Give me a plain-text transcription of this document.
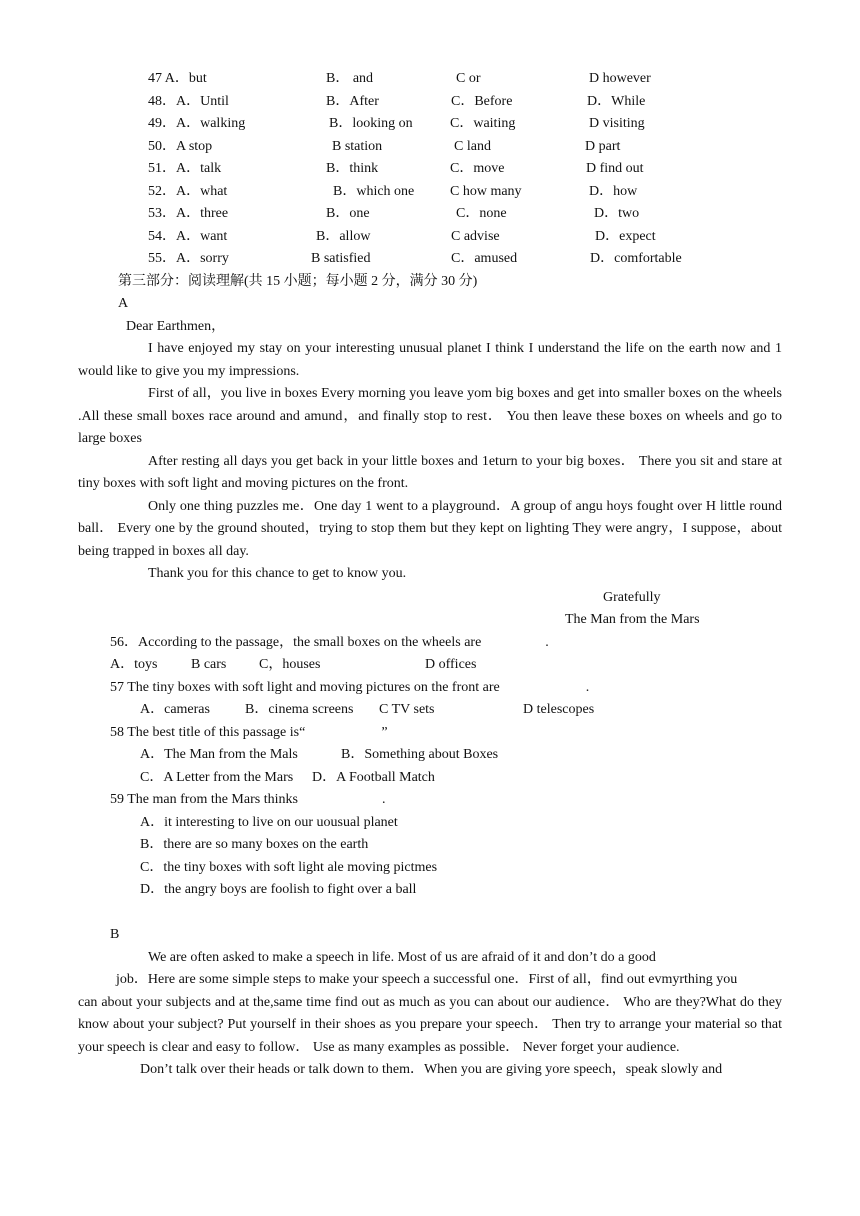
47 A．but	B． and	C or	D however
48．A．Until	B．After	C．Before	D．While
49．A．walking	B．looking on	C．waiting	D visiting
50．A stop	B station	C land	D part
51．A．talk	B．think	C．move	D find out
52．A．what	B．which one	C how many	D．how
53．A．three	B．one	C．none	D．two
54．A．want	B．allow	C advise	D．expect
55．A．sorry	B satisfied	C．amused	D．comfortable
第三部分：阅读理解(共 15 小题；每小题 2 分，满分 30 分)
A
Dear Earthmen，

I have enjoyed my stay on your interesting unusual planet I think I understand the life on the earth now and 1 would like to give you my impressions.

First of all，you live in boxes Every morning you leave yom big boxes and get into smaller boxes on the wheels .All these small boxes race around and amund，and finally stop to rest． You then leave these boxes on wheels and go to large boxes

After resting all days you get back in your little boxes and 1eturn to your big boxes． There you sit and stare at tiny boxes with soft light and moving pictures on the front.

Only one thing puzzles me．One day 1 went to a playground．A group of angu hoys fought over H little round ball． Every one by the ground shouted，trying to stop them but they kept on lighting They were angry，I suppose，about being trapped in boxes all day.

Thank you for this chance to get to know you.

Gratefully
The Man from the Mars
56．According to the passage，the small boxes on the wheels are	.
A．toys B cars C，houses	D offices
57 The tiny boxes with soft light and moving pictures on the front are	.
A．cameras	B．cinema screens C TV sets	D telescopes
58 The best title of this passage is“	”
A．The Man from the Mals	B．Something about Boxes
C．A Letter from the Mars D．A Football Match
59 The man from the Mars thinks	.
A．it interesting to live on our uousual planet
B．there are so many boxes on the earth
C．the tiny boxes with soft light ale moving pictmes
D．the angry boys are foolish to fight over a ball
B
We are often asked to make a speech in life. Most of us are afraid of it and don’t do a good
job．Here are some simple steps to make your speech a successful one．First of all，find out evmyrthing you

can about your subjects and at the,same time find out as much as you can about our audience． Who are they?What do they know about your subject? Put yourself in their shoes as you prepare your speech． Then try to arrange your material so that your speech is clear and easy to follow． Use as many examples as possible． Never forget your audience.

Don’t talk over their heads or talk down to them．When you are giving yore speech，speak slowly and
